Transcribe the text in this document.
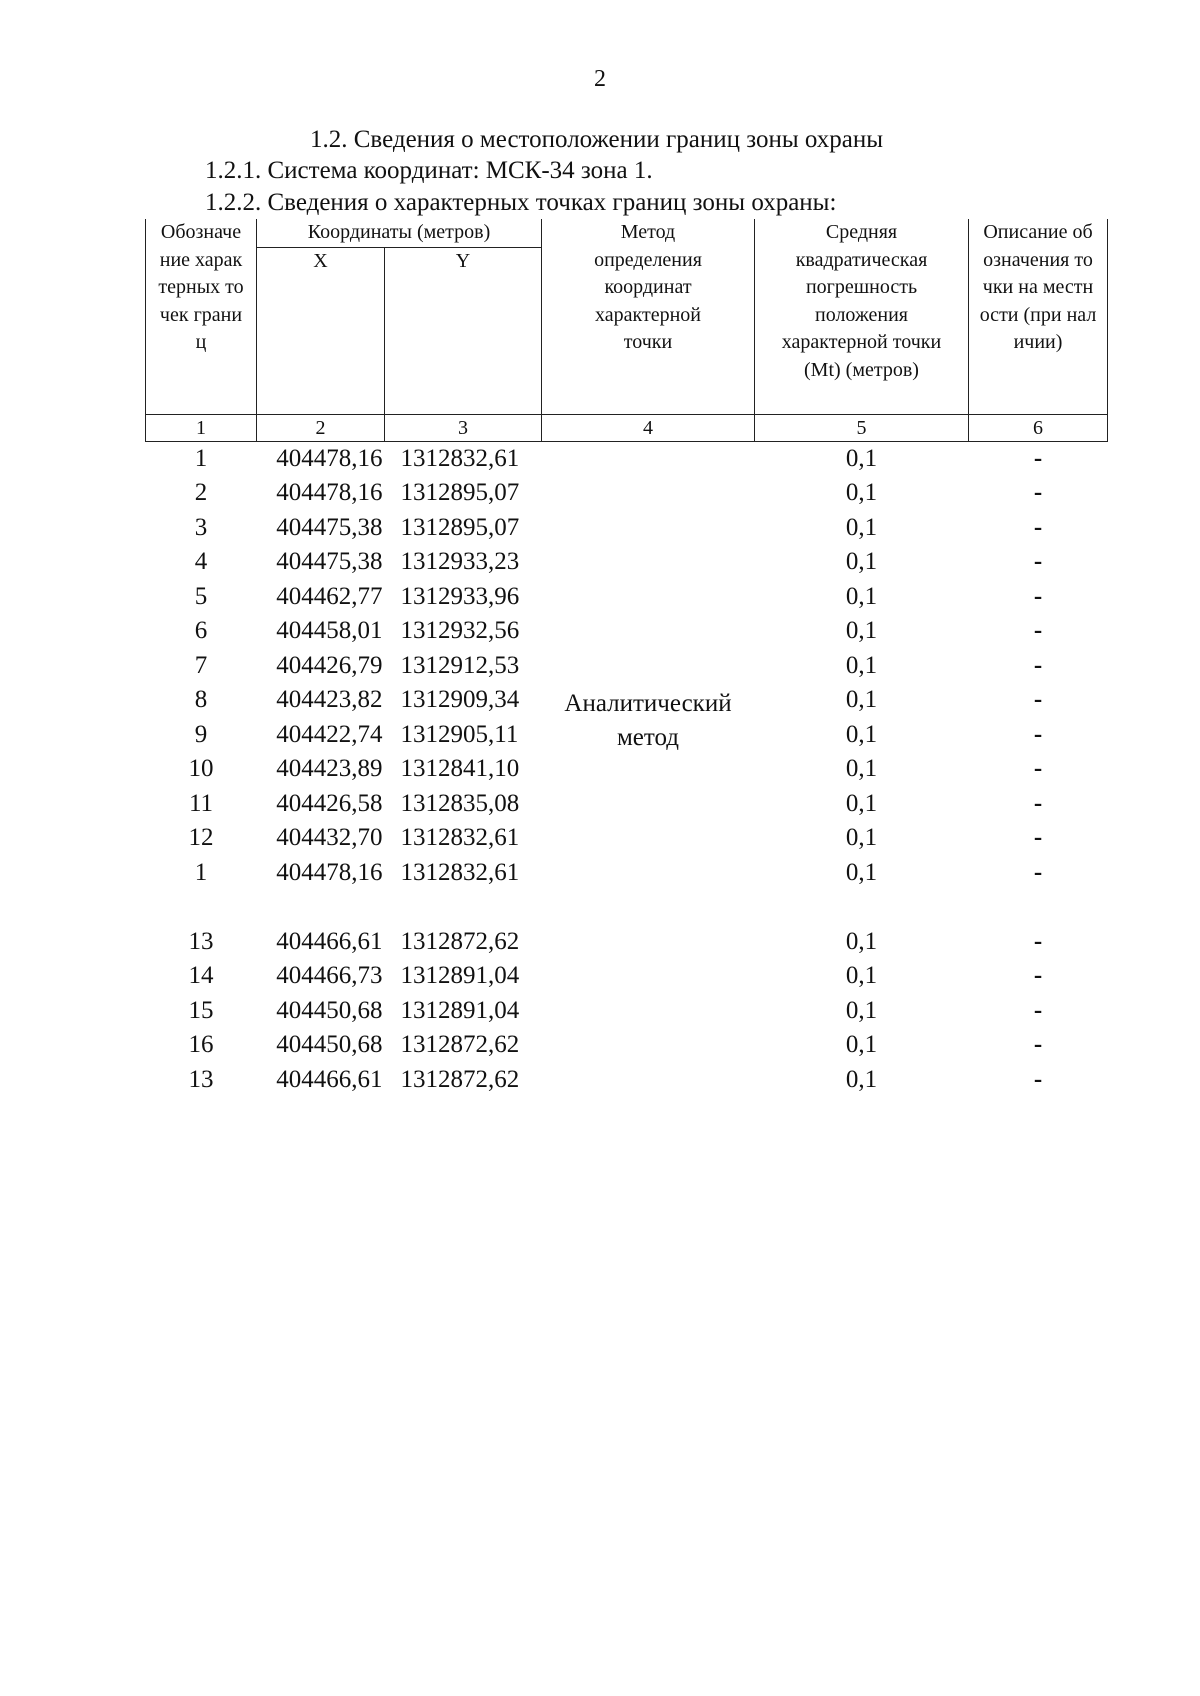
2
1.2. Сведения о местоположении границ зоны охраны
1.2.1. Система координат: МСК-34 зона 1.
1.2.2. Сведения о характерных точках границ зоны охраны:
Обозначение характерных точек границ	Координаты (метров)		Метод определения координат характерной точки	Средняя квадратическая погрешность положения характерной точки (Mt) (метров)	Описание обозначения точки на местности (при наличии)

	X	Y			
1	2	3	4	5	6
1	404478,16	1312832,61	Аналитический метод	0,1	-
2	404478,16	1312895,07		0,1	-
3	404475,38	1312895,07		0,1	-
4	404475,38	1312933,23		0,1	-
5	404462,77	1312933,96		0,1	-
6	404458,01	1312932,56		0,1	-
7	404426,79	1312912,53		0,1	-
8	404423,82	1312909,34		0,1	-
9	404422,74	1312905,11		0,1	-
10	404423,89	1312841,10		0,1	-
11	404426,58	1312835,08		0,1	-
12	404432,70	1312832,61		0,1	-
1	404478,16	1312832,61		0,1	-

13	404466,61	1312872,62		0,1	-
14	404466,73	1312891,04		0,1	-
15	404450,68	1312891,04		0,1	-
16	404450,68	1312872,62		0,1	-
13	404466,61	1312872,62		0,1	-
